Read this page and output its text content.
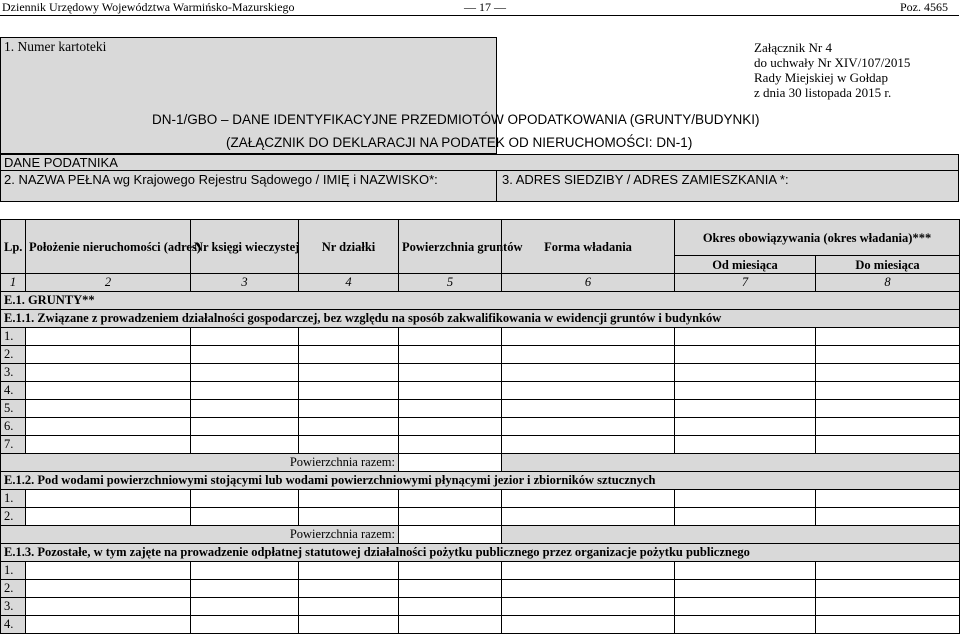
Dziennik Urzędowy Województwa Warmińsko-Mazurskiego	— 17 —	Poz. 4565
1. Numer kartoteki	Załącznik Nr 4
do uchwały Nr XIV/107/2015
Rady Miejskiej w Gołdap
z dnia 30 listopada 2015 r.
DN-1/GBO – DANE IDENTYFIKACYJNE PRZEDMIOTÓW OPODATKOWANIA (GRUNTY/BUDYNKI)
(ZAŁĄCZNIK DO DEKLARACJI NA PODATEK OD NIERUCHOMOŚCI: DN-1)
DANE PODATNIKA
2. NAZWA PEŁNA wg Krajowego Rejestru Sądowego / IMIĘ i NAZWISKO*:	3. ADRES SIEDZIBY / ADRES ZAMIESZKANIA *:
Lp.	Położenie nieruchomości (adres)	Nr księgi wieczystej	Nr działki	Powierzchnia gruntów	Forma władania	Okres obowiązywania (okres władania)***	
						Od miesiąca	Do miesiąca
1	2	3	4	5	6	7	8
E.1. GRUNTY**							
E.1.1. Związane z prowadzeniem działalności gospodarczej, bez względu na sposób zakwalifikowania w ewidencji gruntów i budynków							
1.							
2.							
3.							
4.							
5.							
6.							
7.							
Powierzchnia razem:							
E.1.2. Pod wodami powierzchniowymi stojącymi lub wodami powierzchniowymi płynącymi jezior i zbiorników sztucznych							
1.							
2.							
Powierzchnia razem:							
E.1.3. Pozostałe, w tym zajęte na prowadzenie odpłatnej statutowej działalności pożytku publicznego przez organizacje pożytku publicznego							
1.							
2.							
3.							
4.							
